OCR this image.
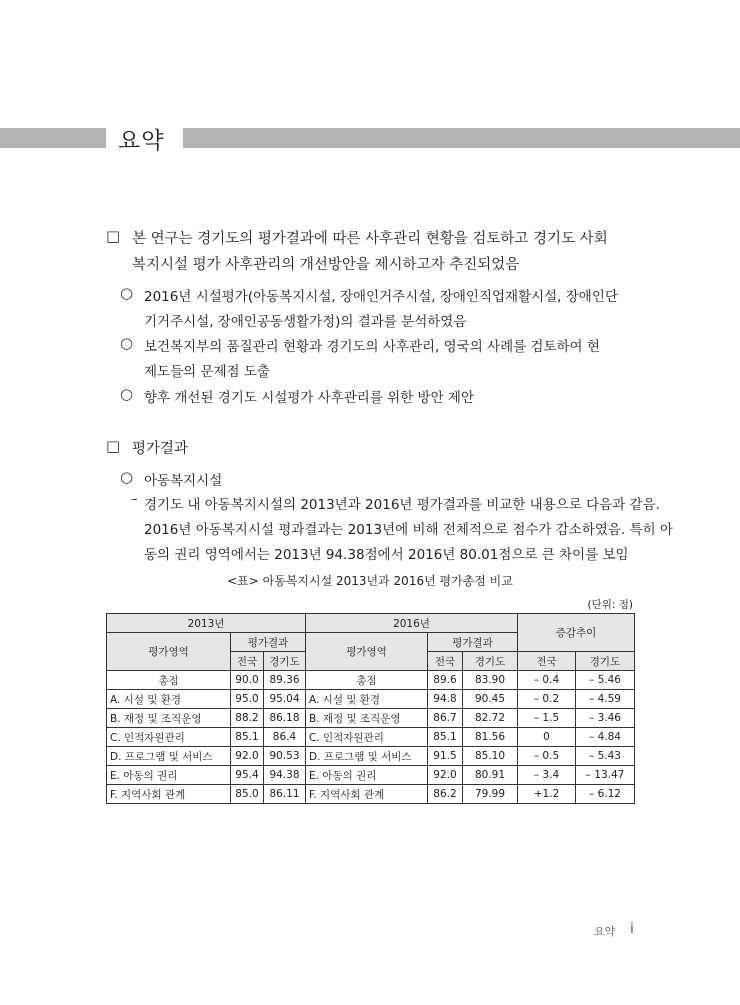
요약
□ 본 연구는 경기도의 평가결과에 따른 사후관리 현황을 검토하고 경기도 사회
복지시설 평가 사후관리의 개선방안을 제시하고자 추진되었음
○ 2016년 시설평가(아동복지시설, 장애인거주시설, 장애인직업재활시설, 장애인단
기거주시설, 장애인공동생활가정)의 결과를 분석하였음
○ 보건복지부의 품질관리 현황과 경기도의 사후관리, 영국의 사례를 검토하여 현
제도들의 문제점 도출
○ 향후 개선된 경기도 시설평가 사후관리를 위한 방안 제안
□ 평가결과
○ 아동복지시설
– 경기도 내 아동복지시설의 2013년과 2016년 평가결과를 비교한 내용으로 다음과 같음.
2016년 아동복지시설 평과결과는 2013년에 비해 전체적으로 점수가 감소하였음. 특히 아
동의 권리 영역에서는 2013년 94.38점에서 2016년 80.01점으로 큰 차이를 보임
<표> 아동복지시설 2013년과 2016년 평가총점 비교
(단위: 점)
2013년			2016년			증감추이	
평가영역	평가결과		평가영역	평가결과			
	전국	경기도		전국	경기도	전국	경기도
총점	90.0	89.36	총점	89.6	83.90	– 0.4	– 5.46
A. 시설 및 환경	95.0	95.04	A. 시설 및 환경	94.8	90.45	– 0.2	– 4.59
B. 재정 및 조직운영	88.2	86.18	B. 재정 및 조직운영	86.7	82.72	– 1.5	– 3.46
C. 인적자원관리	85.1	86.4	C. 인적자원관리	85.1	81.56	0	– 4.84
D. 프로그램 및 서비스	92.0	90.53	D. 프로그램 및 서비스	91.5	85.10	– 0.5	– 5.43
E. 아동의 권리	95.4	94.38	E. 아동의 권리	92.0	80.91	– 3.4	– 13.47
F. 지역사회 관계	85.0	86.11	F. 지역사회 관계	86.2	79.99	+1.2	– 6.12
요약 i
